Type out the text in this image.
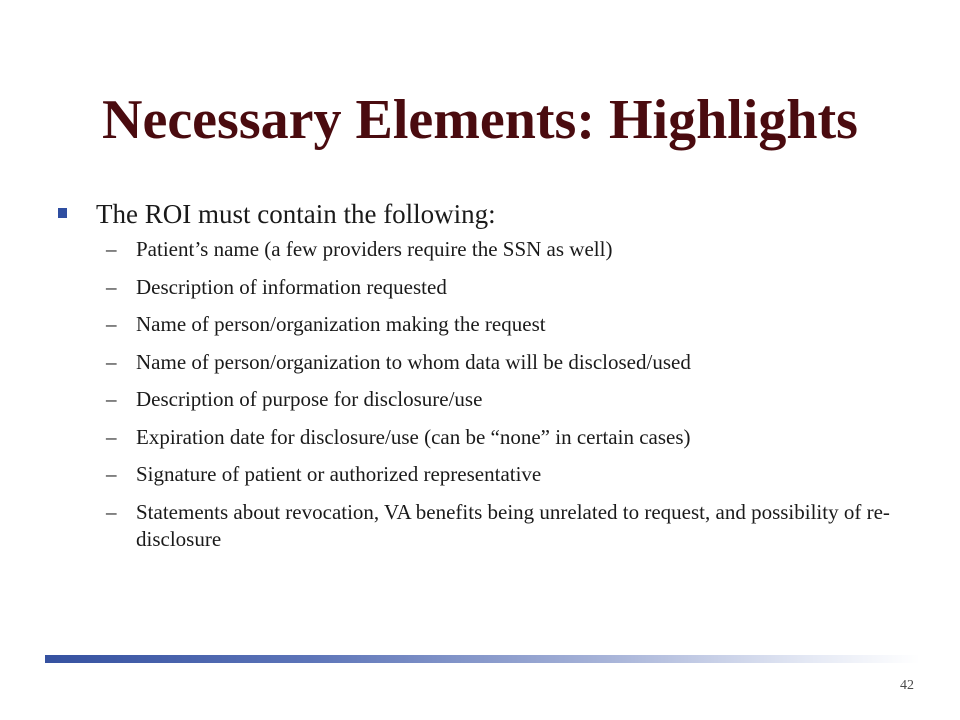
Necessary Elements: Highlights
The ROI must contain the following:
– Patient’s name (a few providers require the SSN as well)
– Description of information requested
– Name of person/organization making the request
– Name of person/organization to whom data will be disclosed/used
– Description of purpose for disclosure/use
– Expiration date for disclosure/use (can be “none” in certain cases)
– Signature of patient or authorized representative
– Statements about revocation, VA benefits being unrelated to request, and possibility of re-disclosure
42
